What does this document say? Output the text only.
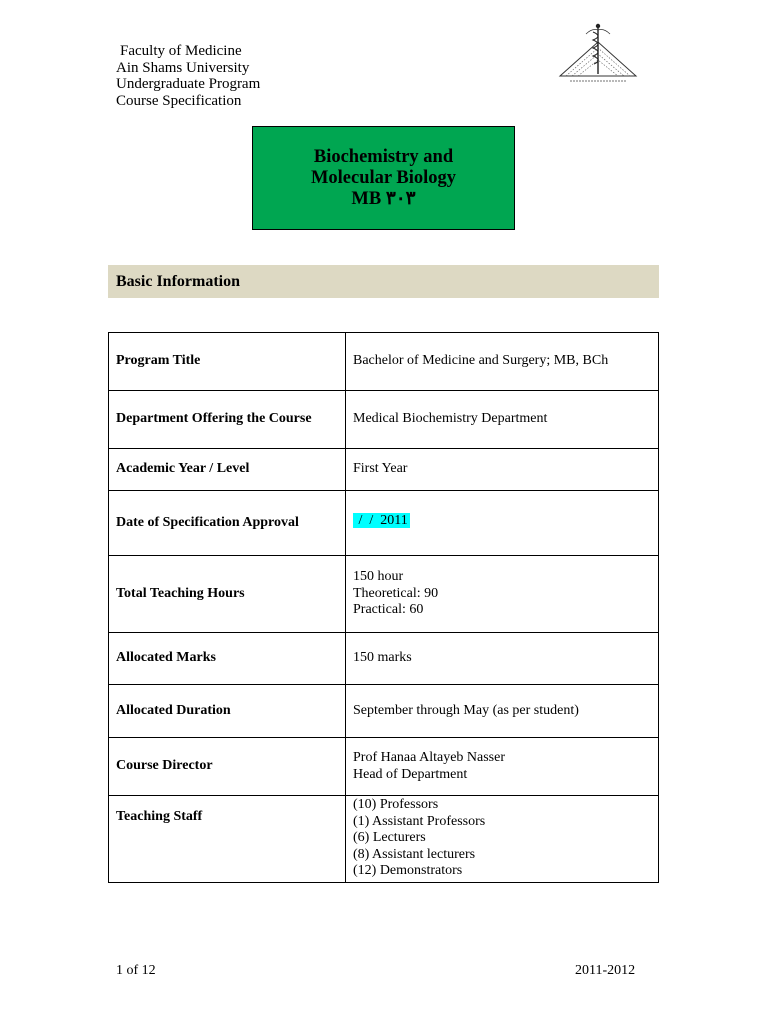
Faculty of Medicine
Ain Shams University
Undergraduate Program
Course Specification
Biochemistry and
Molecular Biology
MB ٣٠٣
Basic Information
Program Title	Bachelor of Medicine and Surgery; MB, BCh
Department Offering the Course	Medical Biochemistry Department
Academic Year / Level	First Year
Date of Specification Approval	/  /  2011
Total Teaching Hours	150 hour
Theoretical: 90
Practical: 60

Allocated Marks	150 marks
Allocated Duration	September through May (as per student)
Course Director	Prof Hanaa Altayeb Nasser
Head of Department

Teaching Staff	(10) Professors
(1) Assistant Professors
(6) Lecturers
(8) Assistant lecturers
(12) Demonstrators
1 of 12	2011-2012
